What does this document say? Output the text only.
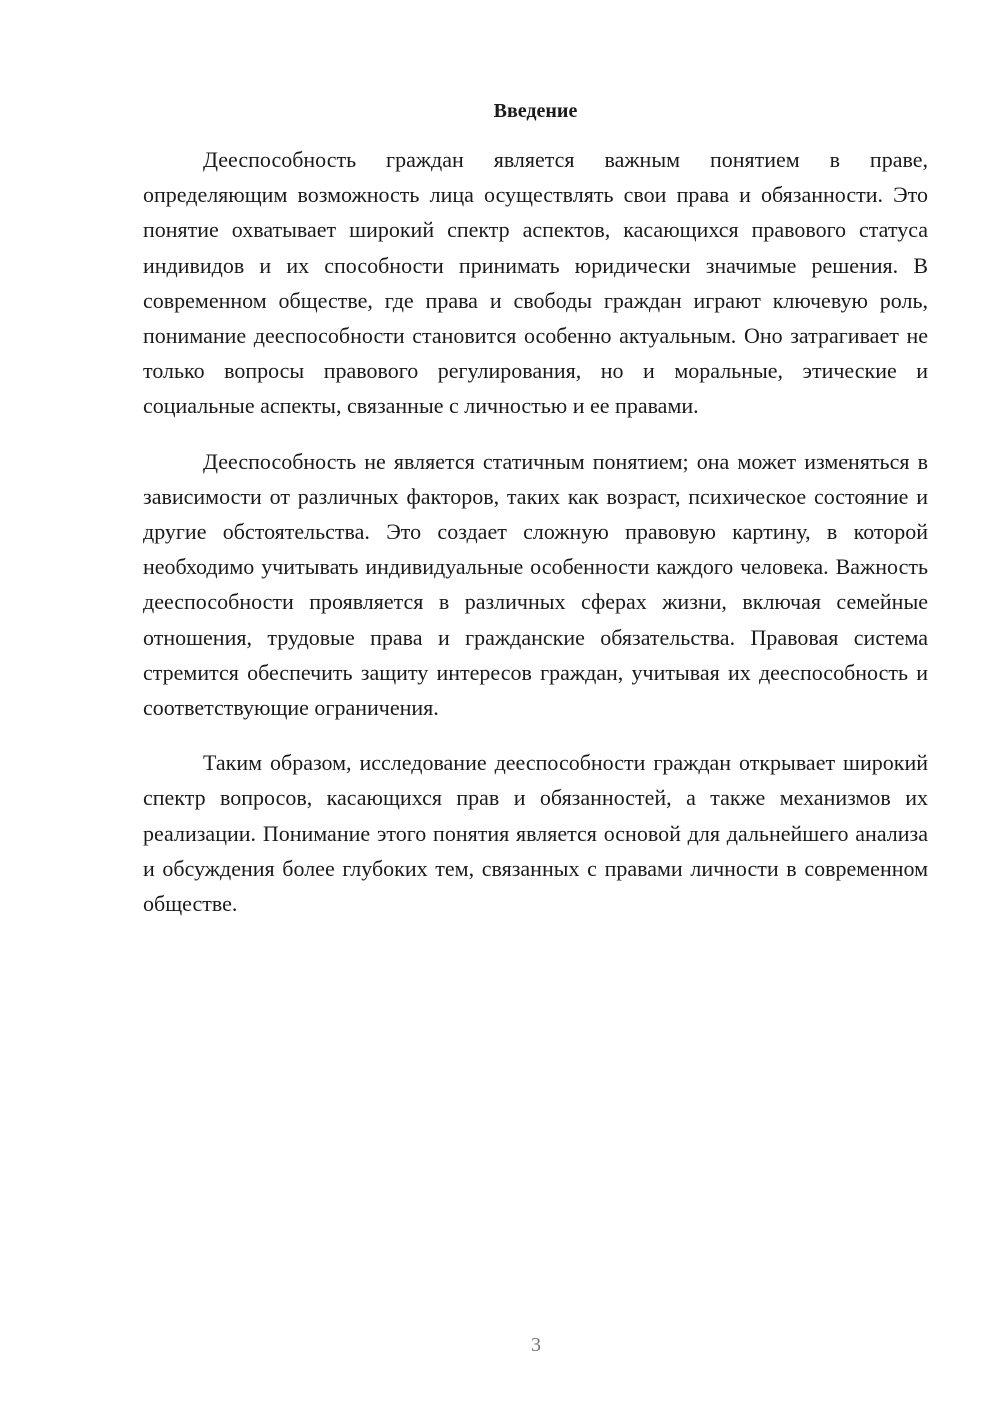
Введение

Дееспособность граждан является важным понятием в праве, определяющим возможность лица осуществлять свои права и обязанности. Это понятие охватывает широкий спектр аспектов, касающихся правового статуса индивидов и их способности принимать юридически значимые решения. В современном обществе, где права и свободы граждан играют ключевую роль, понимание дееспособности становится особенно актуальным. Оно затрагивает не только вопросы правового регулирования, но и моральные, этические и социальные аспекты, связанные с личностью и ее правами.

Дееспособность не является статичным понятием; она может изменяться в зависимости от различных факторов, таких как возраст, психическое состояние и другие обстоятельства. Это создает сложную правовую картину, в которой необходимо учитывать индивидуальные особенности каждого человека. Важность дееспособности проявляется в различных сферах жизни, включая семейные отношения, трудовые права и гражданские обязательства. Правовая система стремится обеспечить защиту интересов граждан, учитывая их дееспособность и соответствующие ограничения.

Таким образом, исследование дееспособности граждан открывает широкий спектр вопросов, касающихся прав и обязанностей, а также механизмов их реализации. Понимание этого понятия является основой для дальнейшего анализа и обсуждения более глубоких тем, связанных с правами личности в современном обществе.

3
